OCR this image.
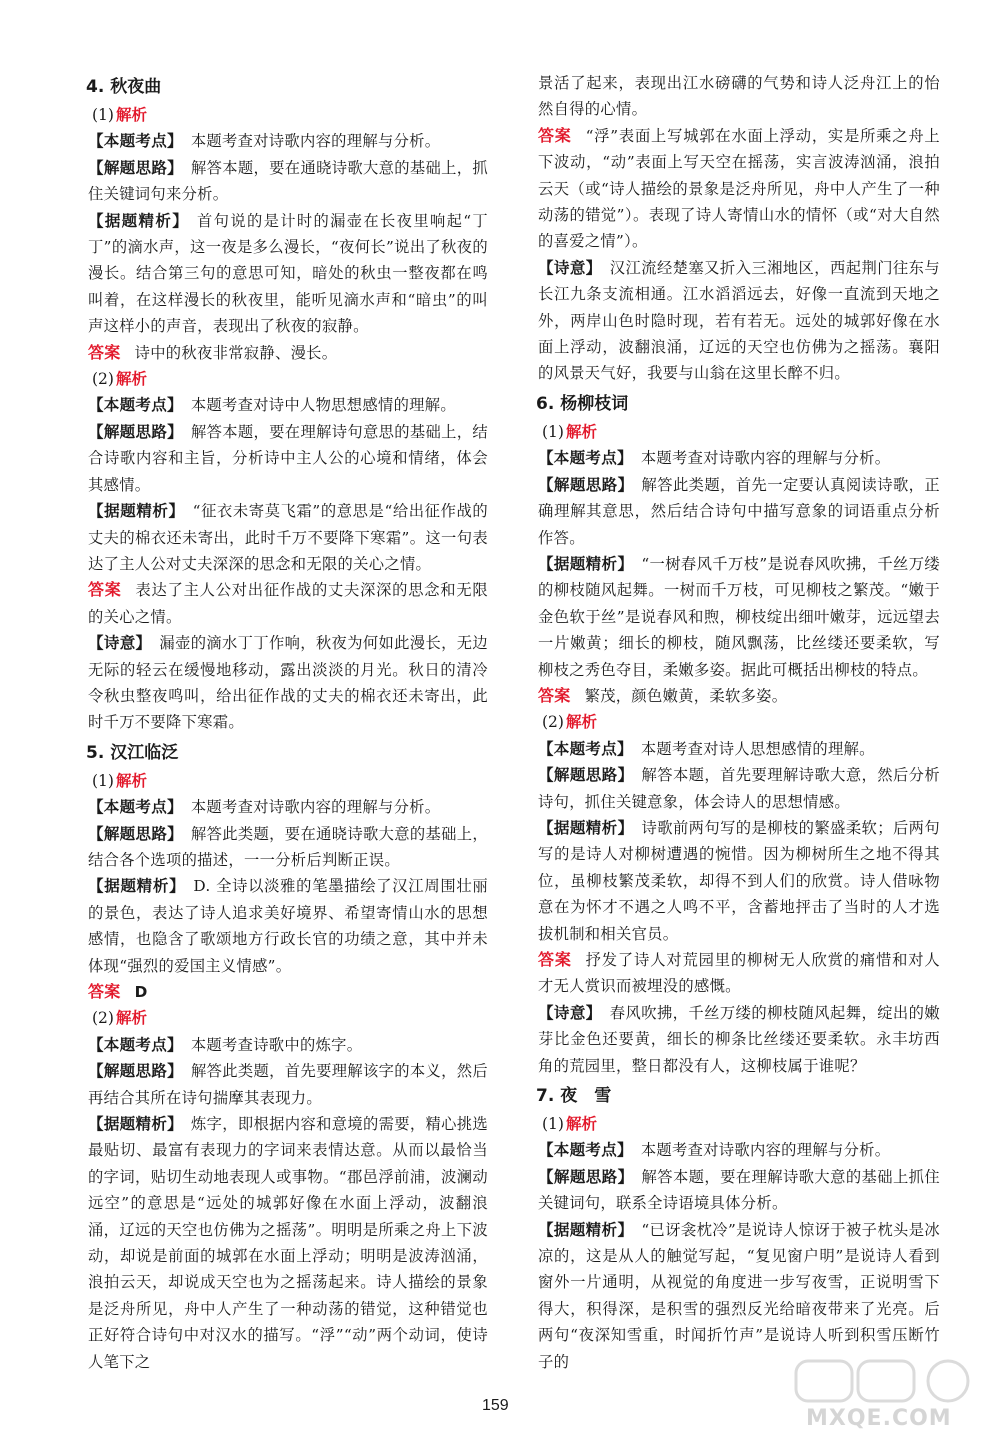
4. 秋夜曲
(1) 解析

【本题考点】 本题考查对诗歌内容的理解与分析。

【解题思路】 解答本题，要在通晓诗歌大意的基础上，抓住关键词句来分析。

【据题精析】 首句说的是计时的漏壶在长夜里响起“丁丁”的滴水声，这一夜是多么漫长，“夜何长”说出了秋夜的漫长。结合第三句的意思可知，暗处的秋虫一整夜都在鸣叫着，在这样漫长的秋夜里，能听见滴水声和“暗虫”的叫声这样小的声音，表现出了秋夜的寂静。

答案 诗中的秋夜非常寂静、漫长。

(2) 解析

【本题考点】 本题考查对诗中人物思想感情的理解。

【解题思路】 解答本题，要在理解诗句意思的基础上，结合诗歌内容和主旨，分析诗中主人公的心境和情绪，体会其感情。

【据题精析】 “征衣未寄莫飞霜”的意思是“给出征作战的丈夫的棉衣还未寄出，此时千万不要降下寒霜”。这一句表达了主人公对丈夫深深的思念和无限的关心之情。

答案 表达了主人公对出征作战的丈夫深深的思念和无限的关心之情。

【诗意】 漏壶的滴水丁丁作响，秋夜为何如此漫长，无边无际的轻云在缓慢地移动，露出淡淡的月光。秋日的清冷令秋虫整夜鸣叫，给出征作战的丈夫的棉衣还未寄出，此时千万不要降下寒霜。

5. 汉江临泛
(1) 解析

【本题考点】 本题考查对诗歌内容的理解与分析。

【解题思路】 解答此类题，要在通晓诗歌大意的基础上，结合各个选项的描述，一一分析后判断正误。

【据题精析】 D. 全诗以淡雅的笔墨描绘了汉江周围壮丽的景色，表达了诗人追求美好境界、希望寄情山水的思想感情，也隐含了歌颂地方行政长官的功绩之意，其中并未体现“强烈的爱国主义情感”。

答案 D

(2) 解析

【本题考点】 本题考查诗歌中的炼字。

【解题思路】 解答此类题，首先要理解该字的本义，然后再结合其所在诗句揣摩其表现力。

【据题精析】 炼字，即根据内容和意境的需要，精心挑选最贴切、最富有表现力的字词来表情达意。从而以最恰当的字词，贴切生动地表现人或事物。“郡邑浮前浦，波澜动远空”的意思是“远处的城郭好像在水面上浮动，波翻浪涌，辽远的天空也仿佛为之摇荡”。明明是所乘之舟上下波动，却说是前面的城郭在水面上浮动；明明是波涛汹涌，浪拍云天，却说成天空也为之摇荡起来。诗人描绘的景象是泛舟所见，舟中人产生了一种动荡的错觉，这种错觉也正好符合诗句中对汉水的描写。“浮”“动”两个动词，使诗人笔下之

景活了起来，表现出江水磅礴的气势和诗人泛舟江上的怡然自得的心情。

答案 “浮”表面上写城郭在水面上浮动，实是所乘之舟上下波动，“动”表面上写天空在摇荡，实言波涛汹涌，浪拍云天（或“诗人描绘的景象是泛舟所见，舟中人产生了一种动荡的错觉”）。表现了诗人寄情山水的情怀（或“对大自然的喜爱之情”）。

【诗意】 汉江流经楚塞又折入三湘地区，西起荆门往东与长江九条支流相通。江水滔滔远去，好像一直流到天地之外，两岸山色时隐时现，若有若无。远处的城郭好像在水面上浮动，波翻浪涌，辽远的天空也仿佛为之摇荡。襄阳的风景天气好，我要与山翁在这里长醉不归。

6. 杨柳枝词
(1) 解析

【本题考点】 本题考查对诗歌内容的理解与分析。

【解题思路】 解答此类题，首先一定要认真阅读诗歌，正确理解其意思，然后结合诗句中描写意象的词语重点分析作答。

【据题精析】 “一树春风千万枝”是说春风吹拂，千丝万缕的柳枝随风起舞。一树而千万枝，可见柳枝之繁茂。“嫩于金色软于丝”是说春风和煦，柳枝绽出细叶嫩芽，远远望去一片嫩黄；细长的柳枝，随风飘荡，比丝缕还要柔软，写柳枝之秀色夺目，柔嫩多姿。据此可概括出柳枝的特点。

答案 繁茂，颜色嫩黄，柔软多姿。

(2) 解析

【本题考点】 本题考查对诗人思想感情的理解。

【解题思路】 解答本题，首先要理解诗歌大意，然后分析诗句，抓住关键意象，体会诗人的思想情感。

【据题精析】 诗歌前两句写的是柳枝的繁盛柔软；后两句写的是诗人对柳树遭遇的惋惜。因为柳树所生之地不得其位，虽柳枝繁茂柔软，却得不到人们的欣赏。诗人借咏物意在为怀才不遇之人鸣不平，含蓄地抨击了当时的人才选拔机制和相关官员。

答案 抒发了诗人对荒园里的柳树无人欣赏的痛惜和对人才无人赏识而被埋没的感慨。

【诗意】 春风吹拂，千丝万缕的柳枝随风起舞，绽出的嫩芽比金色还要黄，细长的柳条比丝缕还要柔软。永丰坊西角的荒园里，整日都没有人，这柳枝属于谁呢？

7. 夜　雪
(1) 解析

【本题考点】 本题考查对诗歌内容的理解与分析。

【解题思路】 解答本题，要在理解诗歌大意的基础上抓住关键词句，联系全诗语境具体分析。

【据题精析】 “已讶衾枕冷”是说诗人惊讶于被子枕头是冰凉的，这是从人的触觉写起，“复见窗户明”是说诗人看到窗外一片通明，从视觉的角度进一步写夜雪，正说明雪下得大，积得深，是积雪的强烈反光给暗夜带来了光亮。后两句“夜深知雪重，时闻折竹声”是说诗人听到积雪压断竹子的

159
MXQE.COM
